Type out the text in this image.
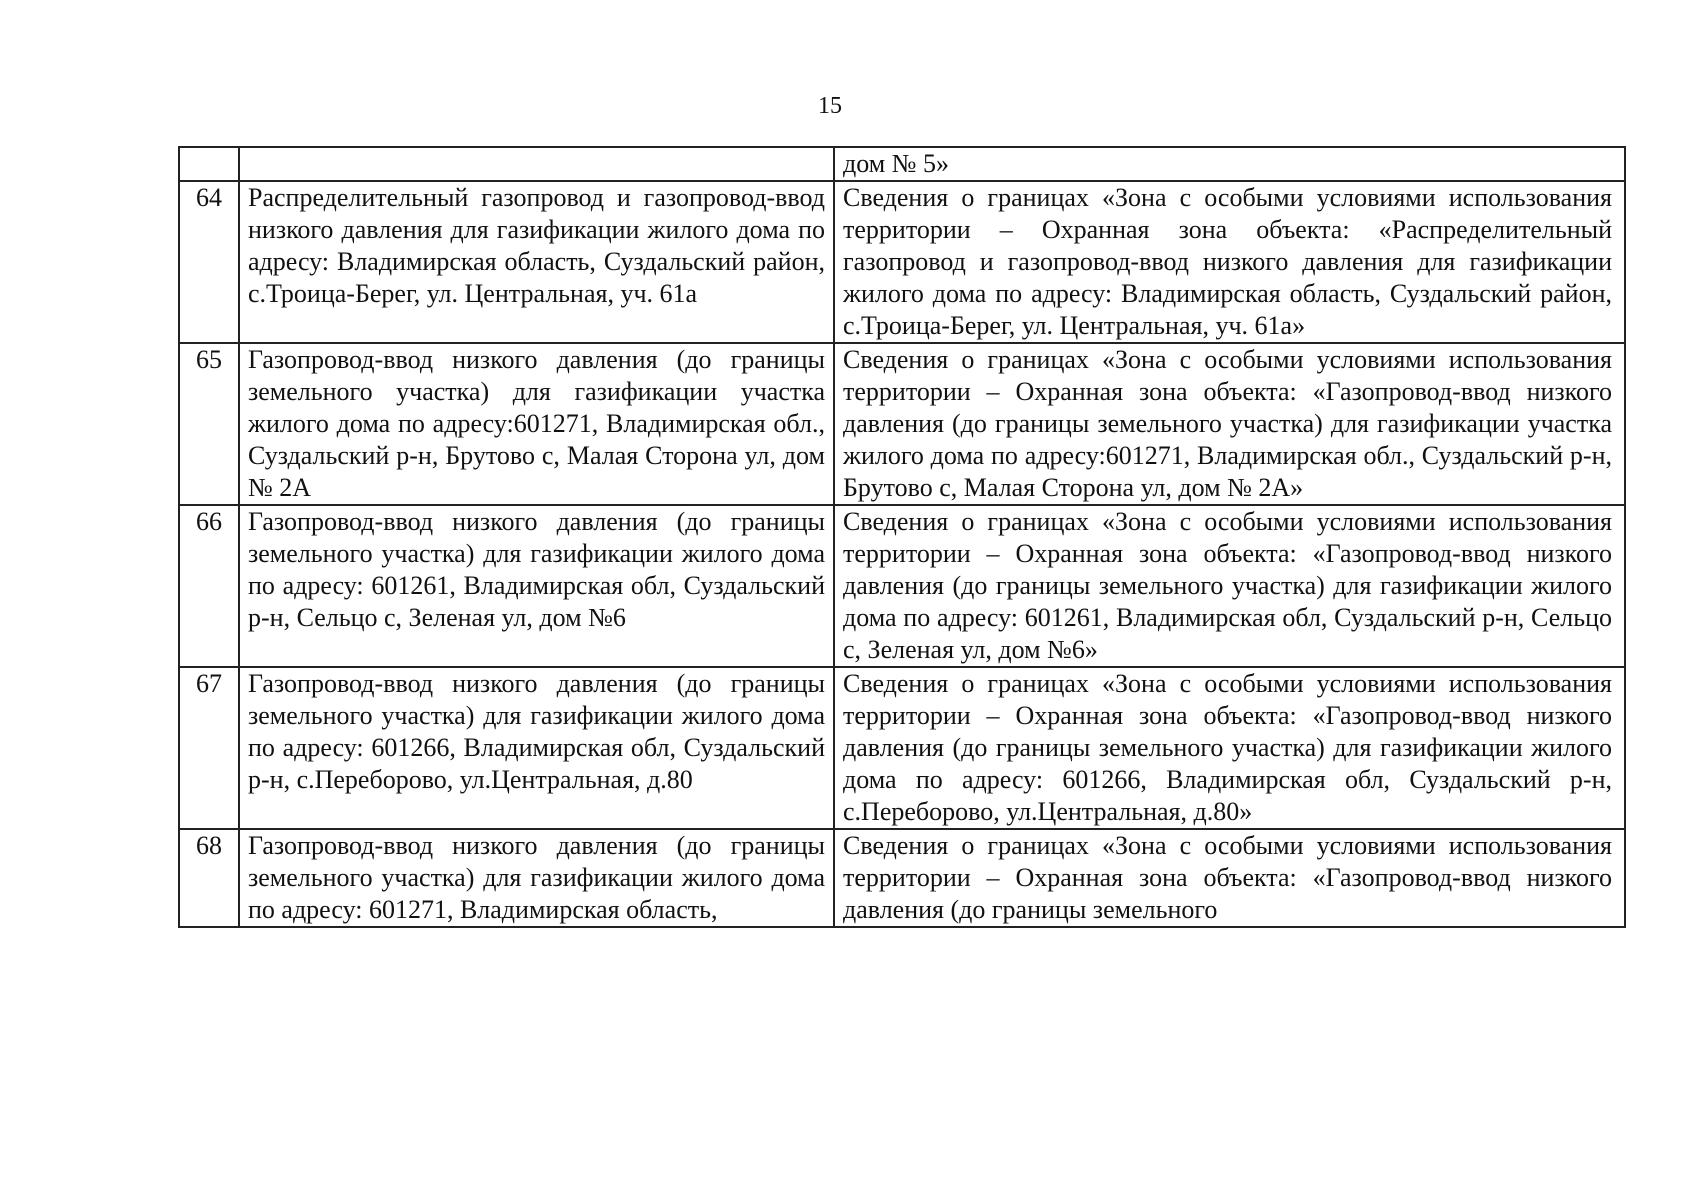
15
		дом № 5»
64	Распределительный газопровод и газопровод-ввод низкого давления для газификации жилого дома по адресу: Владимирская область, Суздальский район, с.Троица-Берег, ул. Центральная, уч. 61а	Сведения о границах «Зона с особыми условиями использования территории – Охранная зона объекта: «Распределительный газопровод и газопровод-ввод низкого давления для газификации жилого дома по адресу: Владимирская область, Суздальский район, с.Троица-Берег, ул. Центральная, уч. 61а»
65	Газопровод-ввод низкого давления (до границы земельного участка) для газификации участка жилого дома по адресу:601271, Владимирская обл., Суздальский р-н, Брутово с, Малая Сторона ул, дом № 2А	Сведения о границах «Зона с особыми условиями использования территории – Охранная зона объекта: «Газопровод-ввод низкого давления (до границы земельного участка) для газификации участка жилого дома по адресу:601271, Владимирская обл., Суздальский р-н, Брутово с, Малая Сторона ул, дом № 2А»
66	Газопровод-ввод низкого давления (до границы земельного участка) для газификации жилого дома по адресу: 601261, Владимирская обл, Суздальский р-н, Сельцо с, Зеленая ул, дом №6	Сведения о границах «Зона с особыми условиями использования территории – Охранная зона объекта: «Газопровод-ввод низкого давления (до границы земельного участка) для газификации жилого дома по адресу: 601261, Владимирская обл, Суздальский р-н, Сельцо с, Зеленая ул, дом №6»
67	Газопровод-ввод низкого давления (до границы земельного участка) для газификации жилого дома по адресу: 601266, Владимирская обл, Суздальский р-н, с.Переборово, ул.Центральная, д.80	Сведения о границах «Зона с особыми условиями использования территории – Охранная зона объекта: «Газопровод-ввод низкого давления (до границы земельного участка) для газификации жилого дома по адресу: 601266, Владимирская обл, Суздальский р-н, с.Переборово, ул.Центральная, д.80»
68	Газопровод-ввод низкого давления (до границы земельного участка) для газификации жилого дома по адресу: 601271, Владимирская область,	Сведения о границах «Зона с особыми условиями использования территории – Охранная зона объекта: «Газопровод-ввод низкого давления (до границы земельного
